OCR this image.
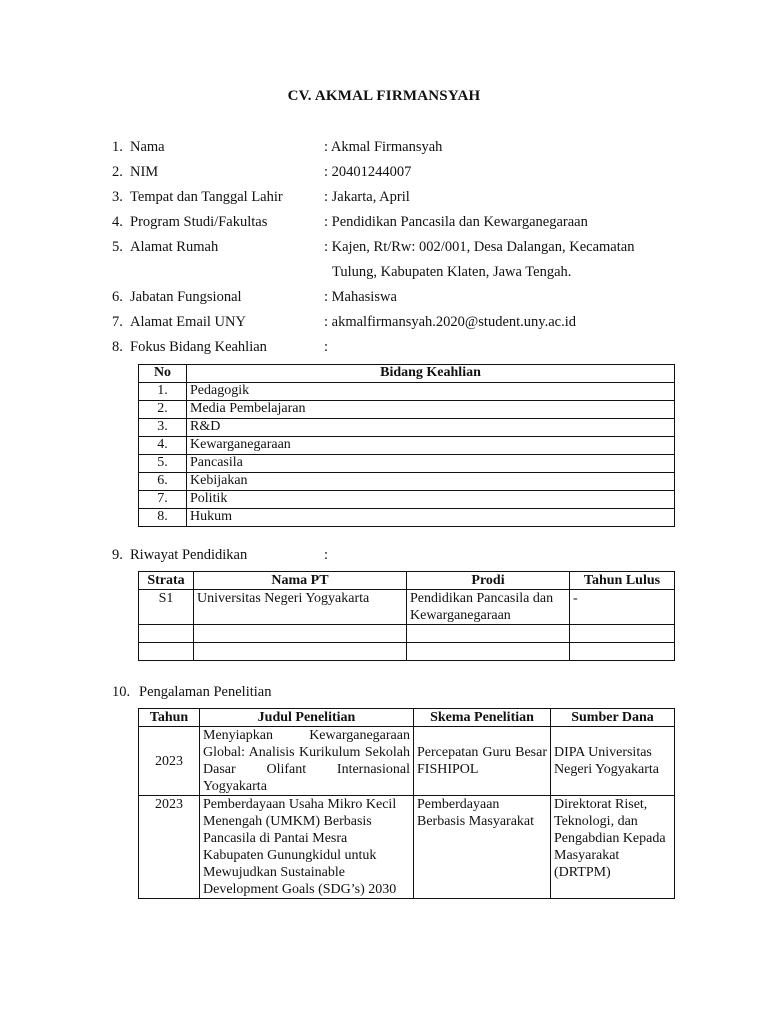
CV. AKMAL FIRMANSYAH
1. Nama	: Akmal Firmansyah
2. NIM	: 20401244007
3. Tempat dan Tanggal Lahir	: Jakarta, April
4. Program Studi/Fakultas	: Pendidikan Pancasila dan Kewarganegaraan
5. Alamat Rumah	: Kajen, Rt/Rw: 002/001, Desa Dalangan, Kecamatan
Tulung, Kabupaten Klaten, Jawa Tengah.
6. Jabatan Fungsional	: Mahasiswa
7. Alamat Email UNY	: akmalfirmansyah.2020@student.uny.ac.id
8. Fokus Bidang Keahlian	:
No	Bidang Keahlian
1.	Pedagogik
2.	Media Pembelajaran
3.	R&D
4.	Kewarganegaraan
5.	Pancasila
6.	Kebijakan
7.	Politik
8.	Hukum
9. Riwayat Pendidikan	:
Strata	Nama PT	Prodi	Tahun Lulus
S1	Universitas Negeri Yogyakarta	Pendidikan Pancasila dan Kewarganegaraan	-

10. Pengalaman Penelitian
Tahun	Judul Penelitian	Skema Penelitian	Sumber Dana
2023	Menyiapkan Kewarganegaraan Global: Analisis Kurikulum Sekolah Dasar Olifant Internasional Yogyakarta	Percepatan Guru Besar FISHIPOL	DIPA Universitas Negeri Yogyakarta
2023	Pemberdayaan Usaha Mikro Kecil Menengah (UMKM) Berbasis Pancasila di Pantai Mesra Kabupaten Gunungkidul untuk Mewujudkan Sustainable Development Goals (SDG’s) 2030	Pemberdayaan Berbasis Masyarakat	Direktorat Riset, Teknologi, dan Pengabdian Kepada Masyarakat (DRTPM)
